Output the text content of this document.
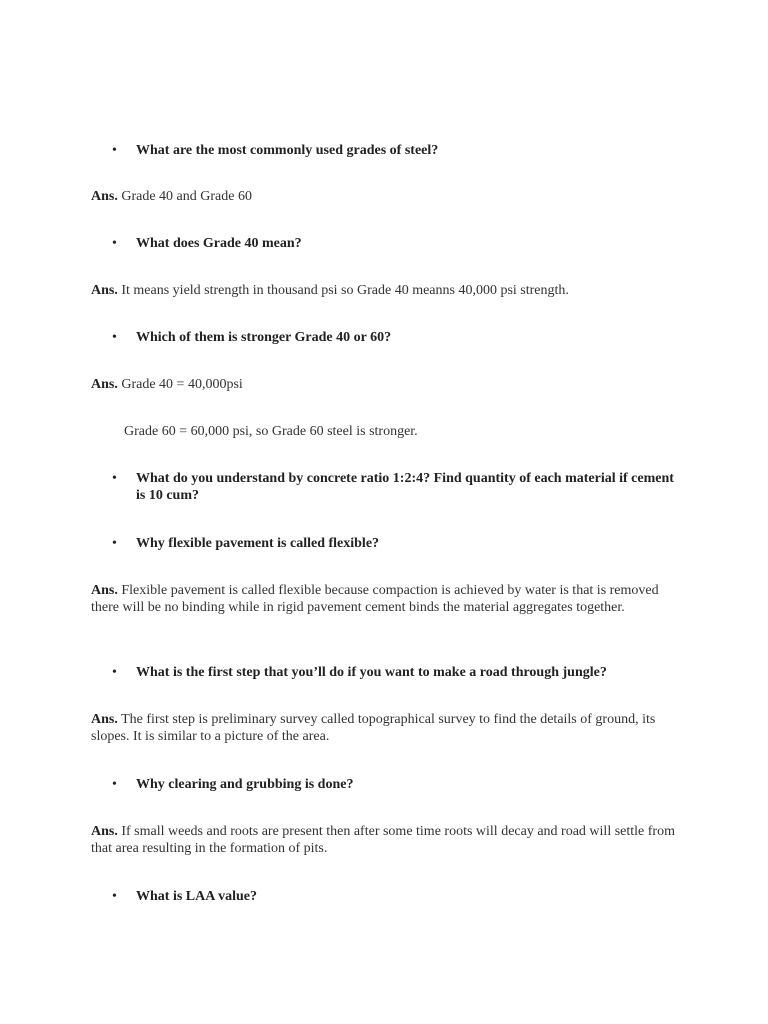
•	What are the most commonly used grades of steel?
Ans. Grade 40 and Grade 60
•	What does Grade 40 mean?
Ans. It means yield strength in thousand psi so Grade 40 meanns 40,000 psi strength.
•	Which of them is stronger Grade 40 or 60?
Ans. Grade 40 = 40,000psi
Grade 60 = 60,000 psi, so Grade 60 steel is stronger.
•	What do you understand by concrete ratio 1:2:4? Find quantity of each material if cement is 10 cum?
•	Why flexible pavement is called flexible?
Ans. Flexible pavement is called flexible because compaction is achieved by water is that is removed there will be no binding while in rigid pavement cement binds the material aggregates together.
•	What is the first step that you’ll do if you want to make a road through jungle?
Ans. The first step is preliminary survey called topographical survey to find the details of ground, its slopes. It is similar to a picture of the area.
•	Why clearing and grubbing is done?
Ans. If small weeds and roots are present then after some time roots will decay and road will settle from that area resulting in the formation of pits.
•	What is LAA value?
